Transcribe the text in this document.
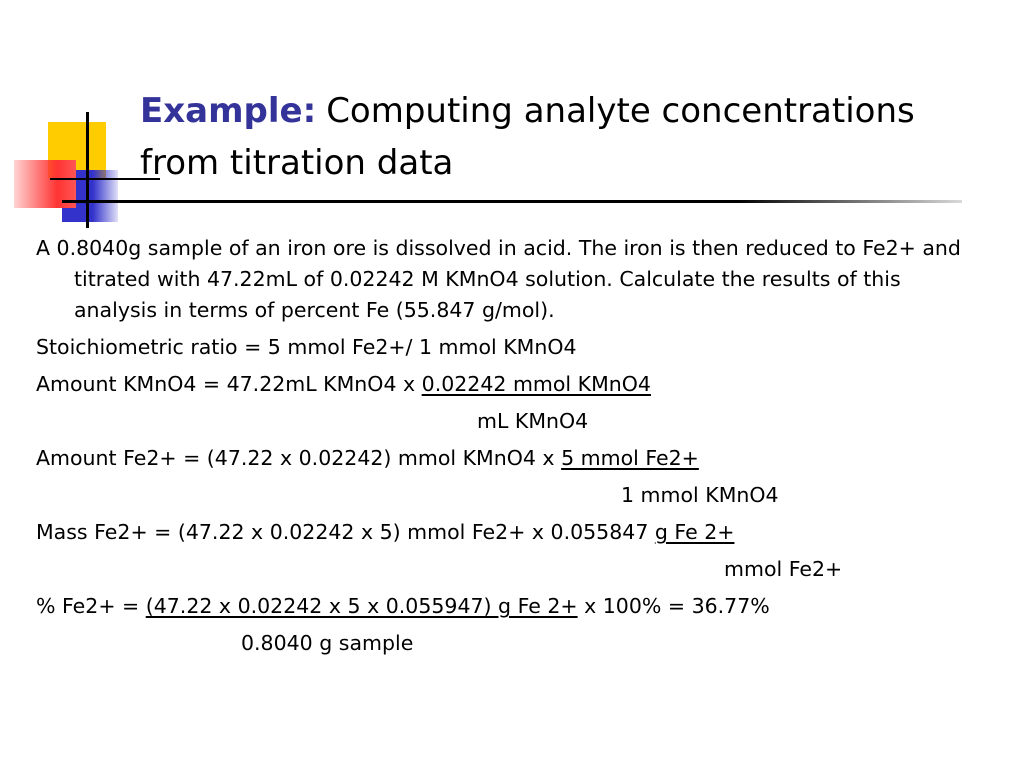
Example: Computing analyte concentrations
from titration data
A 0.8040g sample of an iron ore is dissolved in acid. The iron is then reduced to Fe2+ and titrated with 47.22mL of 0.02242 M KMnO4 solution. Calculate the results of this analysis in terms of percent Fe (55.847 g/mol).
Stoichiometric ratio = 5 mmol Fe2+/ 1 mmol KMnO4
Amount KMnO4 = 47.22mL KMnO4 x 0.02242 mmol KMnO4
mL KMnO4
Amount Fe2+ = (47.22 x 0.02242) mmol KMnO4 x 5 mmol Fe2+
1 mmol KMnO4
Mass Fe2+ = (47.22 x 0.02242 x 5) mmol Fe2+ x 0.055847 g Fe 2+
mmol Fe2+
% Fe2+ = (47.22 x 0.02242 x 5 x 0.055947) g Fe 2+ x 100% = 36.77%
0.8040 g sample
